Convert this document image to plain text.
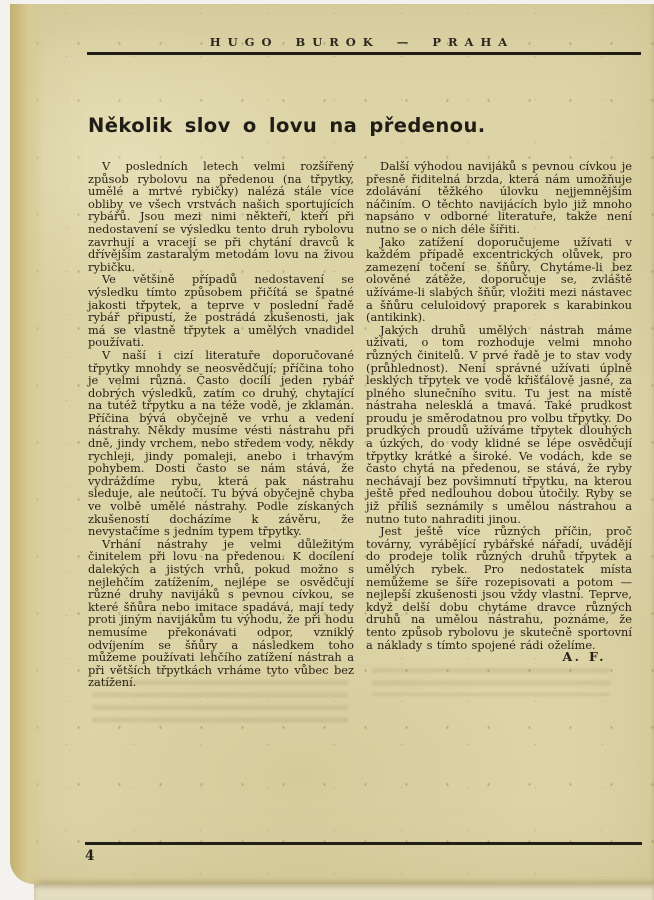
HUGO BUROK — PRAHA
Několik slov o lovu na předenou.

V posledních letech velmi rozšířený způsob rybolovu na předenou (na třpytky, umělé a mrtvé rybičky) nalézá stále více obliby ve všech vrstvách našich sportujících rybářů. Jsou mezi nimi někteří, kteří při nedostavení se výsledku tento druh rybolovu zavrhují a vracejí se při chytání dravců k dřívějším zastaralým metodám lovu na živou rybičku.

Ve většině případů nedostavení se výsledku tímto způsobem přičítá se špatné jakosti třpytek, a teprve v poslední řadě rybář připustí, že postrádá zkušenosti, jak má se vlastně třpytek a umělých vnadidel používati.

V naší i cizí literatuře doporučované třpytky mnohdy se neosvědčují; příčina toho je velmi různá. Často docílí jeden rybář dobrých výsledků, zatím co druhý, chytající na tutéž třpytku a na téže vodě, je zklamán. Příčina bývá obyčejně ve vrhu a vedení nástrahy. Někdy musíme vésti nástrahu při dně, jindy vrchem, nebo středem vody, někdy rychleji, jindy pomaleji, anebo i trhavým pohybem. Dosti často se nám stává, že vydráždíme rybu, která pak nástrahu sleduje, ale neútočí. Tu bývá obyčejně chyba ve volbě umělé nástrahy. Podle získaných zkušeností docházíme k závěru, že nevystačíme s jedním typem třpytky.

Vrhání nástrahy je velmi důležitým činitelem při lovu na předenou. K docílení dalekých a jistých vrhů, pokud možno s nejlehčím zatížením, nejlépe se osvědčují různé druhy navijáků s pevnou cívkou, se které šňůra nebo imitace spadává, mají tedy proti jiným navijákům tu výhodu, že při hodu nemusíme překonávati odpor, vzniklý odvíjením se šňůry a následkem toho můžeme používati lehčího zatížení nástrah a při větších třpytkách vrháme tyto vůbec bez zatížení.

Další výhodou navijáků s pevnou cívkou je přesně řiditelná brzda, která nám umožňuje zdolávání těžkého úlovku nejjemnějším náčiním. O těchto navijácích bylo již mnoho napsáno v odborné literatuře, takže není nutno se o nich déle šířiti.

Jako zatížení doporučujeme užívati v každém případě excentrických olůvek, pro zamezení točení se šňůry. Chytáme-li bez olověné zátěže, doporučuje se, zvláště užíváme-li slabých šňůr, vložiti mezi nástavec a šňůru celuloidový praporek s karabinkou (antikink).

Jakých druhů umělých nástrah máme užívati, o tom rozhoduje velmi mnoho různých činitelů. V prvé řadě je to stav vody (průhlednost). Není správné užívati úplně lesklých třpytek ve vodě křišťálově jasné, za plného slunečního svitu. Tu jest na místě nástraha nelesklá a tmavá. Také prudkost proudu je směrodatnou pro volbu třpytky. Do prudkých proudů užíváme třpytek dlouhých a úzkých, do vody klidné se lépe osvědčují třpytky krátké a široké. Ve vodách, kde se často chytá na předenou, se stává, že ryby nechávají bez povšimnutí třpytku, na kterou ještě před nedlouhou dobou útočily. Ryby se již příliš seznámily s umělou nástrahou a nutno tuto nahraditi jinou.

Jest ještě více různých příčin, proč továrny, vyrábějící rybářské nářadí, uvádějí do prodeje tolik různých druhů třpytek a umělých rybek. Pro nedostatek místa nemůžeme se šíře rozepisovati a potom — nejlepší zkušenosti jsou vždy vlastní. Teprve, když delší dobu chytáme dravce různých druhů na umělou nástrahu, poznáme, že tento způsob rybolovu je skutečně sportovní a náklady s tímto spojené rádi oželíme.

A. F.

4
